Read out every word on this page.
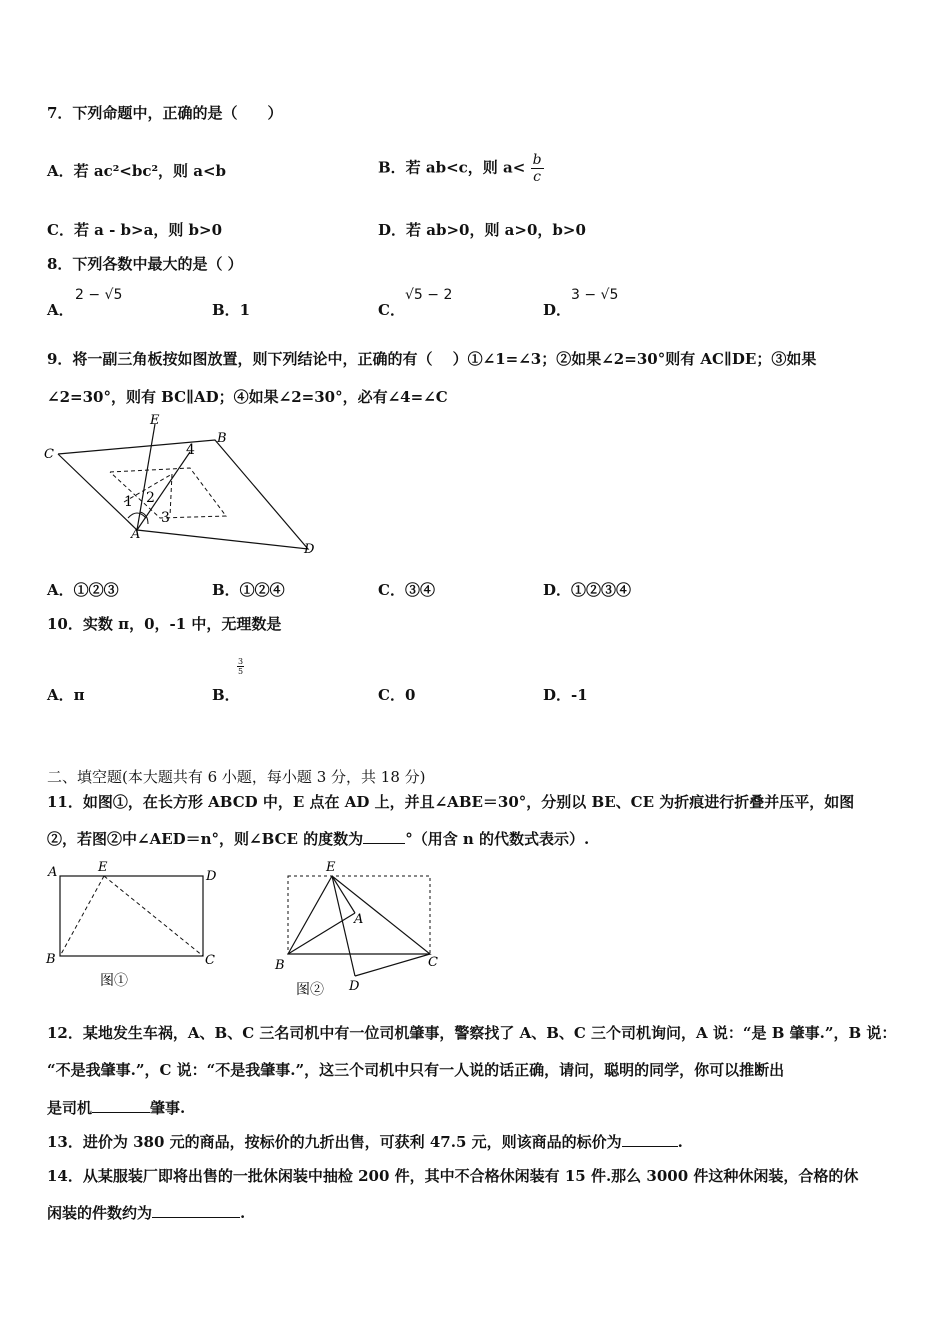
7．下列命题中，正确的是（　　）
A．若 ac²<bc²，则 a<b	B．若 ab<c，则 $a< \frac{b}{c}$
C．若 a - b>a，则 b>0	D．若 ab>0，则 a>0，b>0
8．下列各数中最大的是（ ）
A．
2 − √5
B．1	C．
√5 − 2
D．
3 − √5
9．将一副三角板按如图放置，则下列结论中，正确的有（　 ）①∠1=∠3；②如果∠2=30°则有 AC∥DE；③如果
∠2=30°，则有 BC∥AD；④如果∠2=30°，必有∠4=∠C
E
B
C
A
D
1 2
3
4
A．①②③	B．①②④	C．③④	D．①②③④
10．实数 π，0，-1 中，无理数是
A．π	B．
$\frac{3}{5}$
C．0	D．-1
二、填空题(本大题共有 6 小题，每小题 3 分，共 18 分)
11．如图①，在长方形 ABCD 中，E 点在 AD 上，并且∠ABE＝30°，分别以 BE、CE 为折痕进行折叠并压平，如图
②，若图②中∠AED＝n°，则∠BCE 的度数为	°（用含 n 的代数式表示）.
A	E
D
B	C
图①
E
A
B	C
D
图②
12．某地发生车祸，A、B、C 三名司机中有一位司机肇事，警察找了 A、B、C 三个司机询问，A 说：“是 B 肇事.”，B 说：
“不是我肇事.”，C 说：“不是我肇事.”，这三个司机中只有一人说的话正确，请问，聪明的同学，你可以推断出
是司机	肇事.
13．进价为 380 元的商品，按标价的九折出售，可获利 47.5 元，则该商品的标价为	.
14．从某服装厂即将出售的一批休闲装中抽检 200 件，其中不合格休闲装有 15 件.那么 3000 件这种休闲装，合格的休
闲装的件数约为	.
